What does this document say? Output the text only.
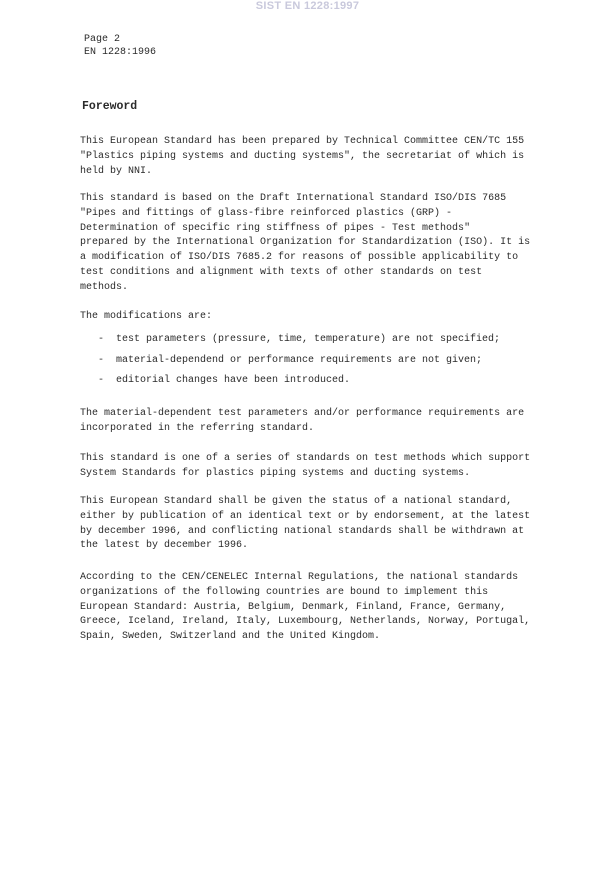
SIST EN 1228:1997
Page 2
EN 1228:1996
Foreword

This European Standard has been prepared by Technical Committee CEN/TC 155
"Plastics piping systems and ducting systems", the secretariat of which is
held by NNI.

This standard is based on the Draft International Standard ISO/DIS 7685
"Pipes and fittings of glass-fibre reinforced plastics (GRP) -
Determination of specific ring stiffness of pipes - Test methods"
prepared by the International Organization for Standardization (ISO). It is
a modification of ISO/DIS 7685.2 for reasons of possible applicability to
test conditions and alignment with texts of other standards on test
methods.

The modifications are:

-	test parameters (pressure, time, temperature) are not specified;
-	material-dependend or performance requirements are not given;
-	editorial changes have been introduced.

The material-dependent test parameters and/or performance requirements are
incorporated in the referring standard.

This standard is one of a series of standards on test methods which support
System Standards for plastics piping systems and ducting systems.

This European Standard shall be given the status of a national standard,
either by publication of an identical text or by endorsement, at the latest
by december 1996, and conflicting national standards shall be withdrawn at
the latest by december 1996.

According to the CEN/CENELEC Internal Regulations, the national standards
organizations of the following countries are bound to implement this
European Standard: Austria, Belgium, Denmark, Finland, France, Germany,
Greece, Iceland, Ireland, Italy, Luxembourg, Netherlands, Norway, Portugal,
Spain, Sweden, Switzerland and the United Kingdom.
